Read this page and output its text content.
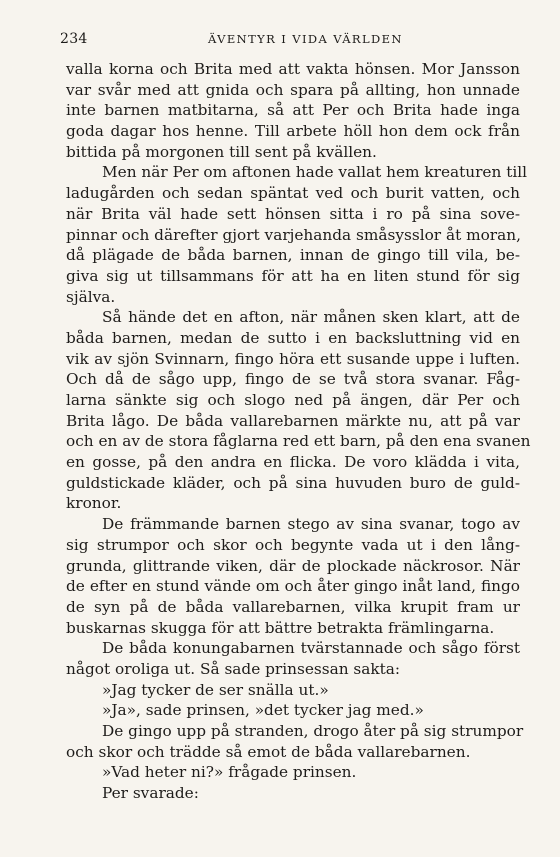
234	ÄVENTYR I VIDA VÄRLDEN
valla korna och Brita med att vakta hönsen. Mor Jansson
var svår med att gnida och spara på allting, hon unnade
inte barnen matbitarna, så att Per och Brita hade inga
goda dagar hos henne. Till arbete höll hon dem ock från
bittida på morgonen till sent på kvällen.
Men när Per om aftonen hade vallat hem kreaturen till
ladugården och sedan späntat ved och burit vatten, och
när Brita väl hade sett hönsen sitta i ro på sina sove-
pinnar och därefter gjort varjehanda småsysslor åt moran,
då plägade de båda barnen, innan de gingo till vila, be-
giva sig ut tillsammans för att ha en liten stund för sig
själva.
Så hände det en afton, när månen sken klart, att de
båda barnen, medan de sutto i en backsluttning vid en
vik av sjön Svinnarn, fingo höra ett susande uppe i luften.
Och då de sågo upp, fingo de se två stora svanar. Fåg-
larna sänkte sig och slogo ned på ängen, där Per och
Brita lågo. De båda vallarebarnen märkte nu, att på var
och en av de stora fåglarna red ett barn, på den ena svanen
en gosse, på den andra en flicka. De voro klädda i vita,
guldstickade kläder, och på sina huvuden buro de guld-
kronor.
De främmande barnen stego av sina svanar, togo av
sig strumpor och skor och begynte vada ut i den lång-
grunda, glittrande viken, där de plockade näckrosor. När
de efter en stund vände om och åter gingo inåt land, fingo
de syn på de båda vallarebarnen, vilka krupit fram ur
buskarnas skugga för att bättre betrakta främlingarna.
De båda konungabarnen tvärstannade och sågo först
något oroliga ut. Så sade prinsessan sakta:
»Jag tycker de ser snälla ut.»
»Ja», sade prinsen, »det tycker jag med.»
De gingo upp på stranden, drogo åter på sig strumpor
och skor och trädde så emot de båda vallarebarnen.
»Vad heter ni?» frågade prinsen.
Per svarade:
